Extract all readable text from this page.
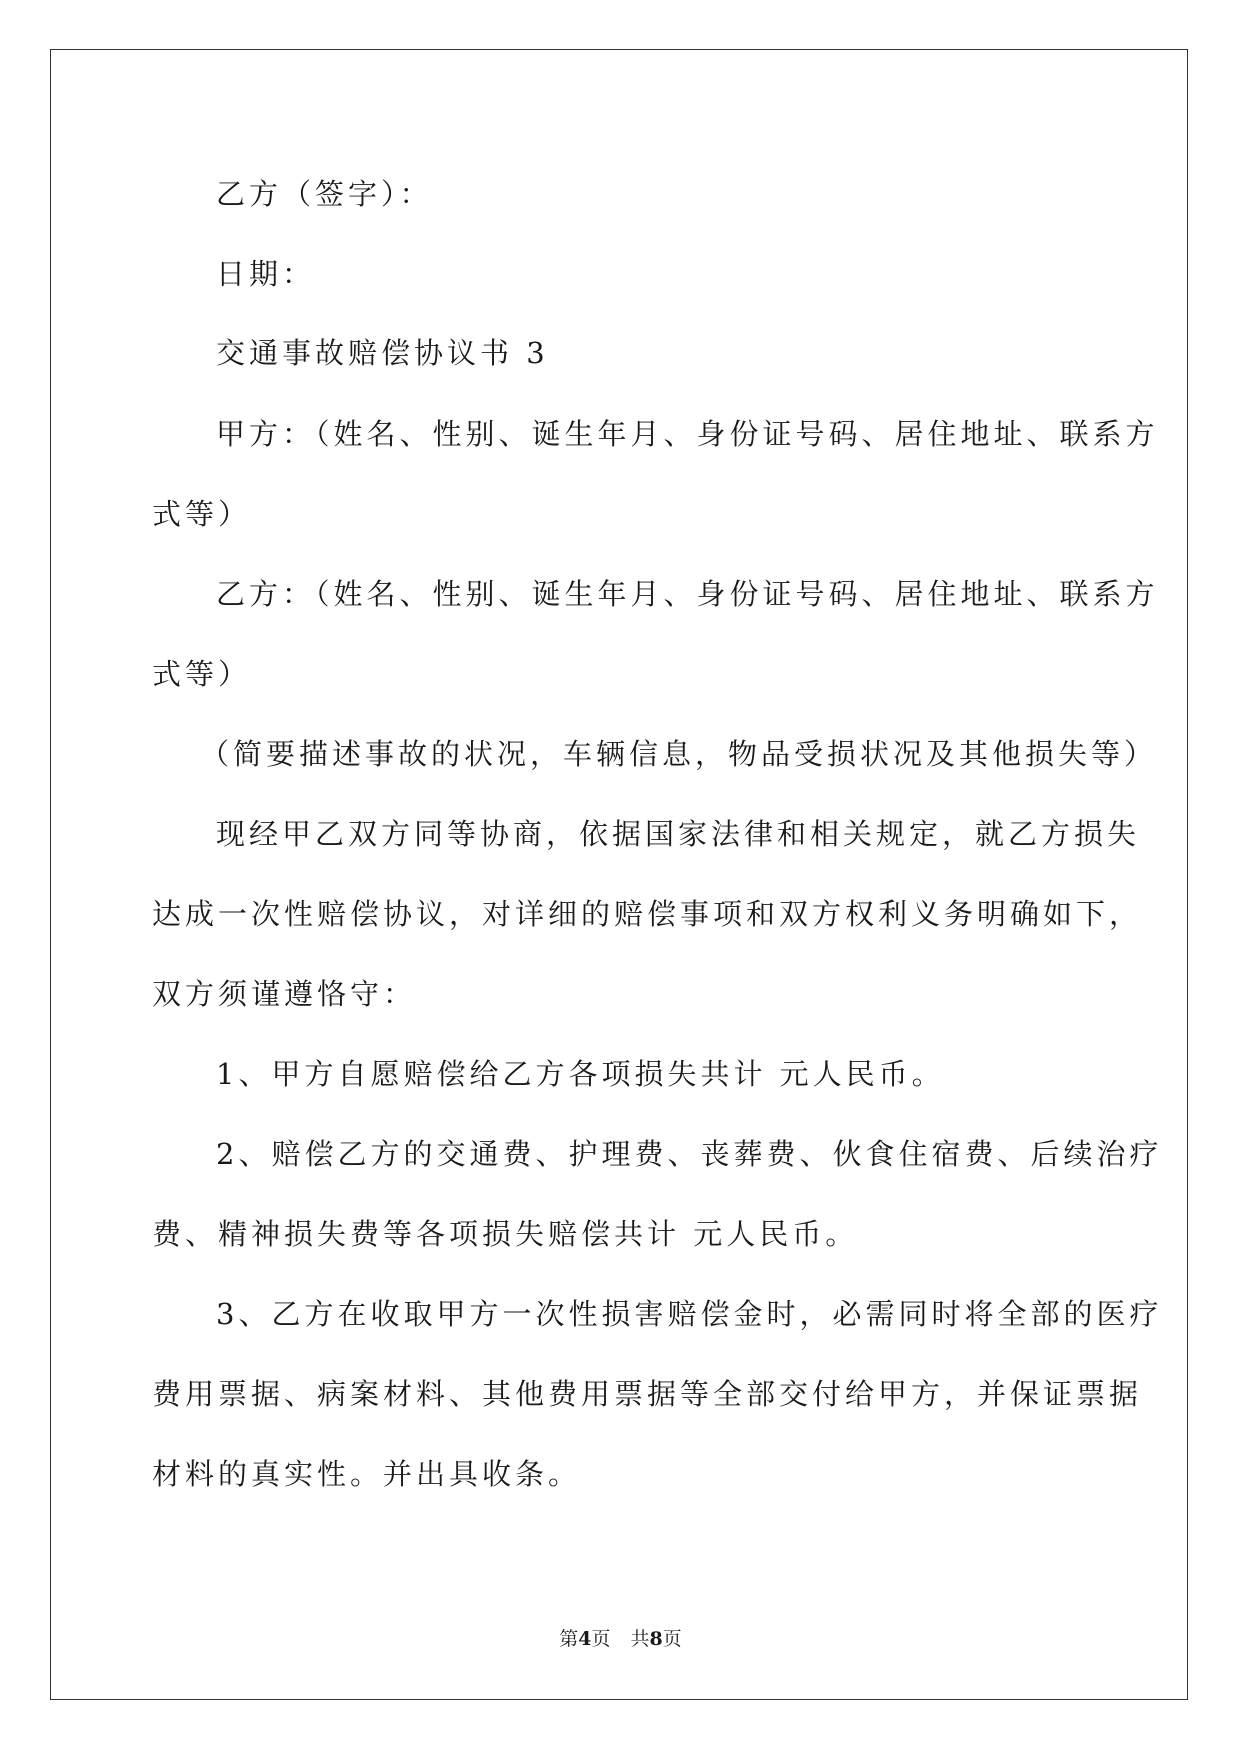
乙方（签字）：
日期：
交通事故赔偿协议书 3
甲方：（姓名、性别、诞生年月、身份证号码、居住地址、联系方
式等）
乙方：（姓名、性别、诞生年月、身份证号码、居住地址、联系方
式等）
（简要描述事故的状况，车辆信息，物品受损状况及其他损失等）
现经甲乙双方同等协商，依据国家法律和相关规定，就乙方损失
达成一次性赔偿协议，对详细的赔偿事项和双方权利义务明确如下，
双方须谨遵恪守：
1、甲方自愿赔偿给乙方各项损失共计 元人民币。
2、赔偿乙方的交通费、护理费、丧葬费、伙食住宿费、后续治疗
费、精神损失费等各项损失赔偿共计 元人民币。
3、乙方在收取甲方一次性损害赔偿金时，必需同时将全部的医疗
费用票据、病案材料、其他费用票据等全部交付给甲方，并保证票据
材料的真实性。并出具收条。
第4页 共8页
